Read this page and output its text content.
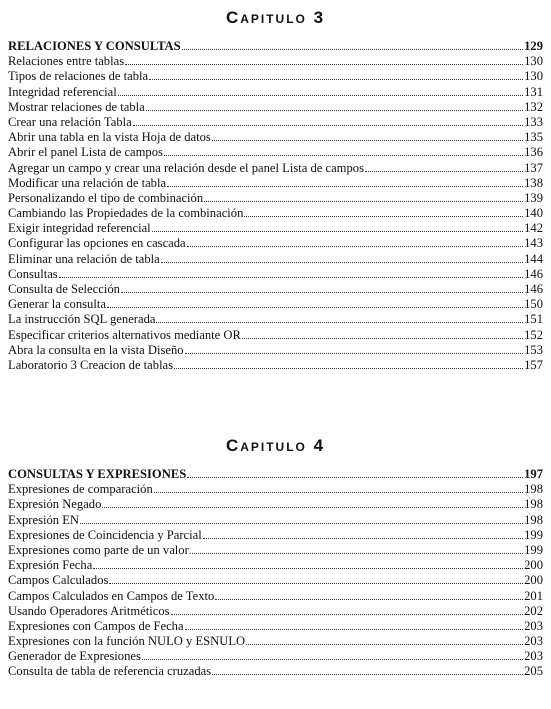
Capitulo 3
RELACIONES Y CONSULTAS	129
Relaciones entre tablas	130
Tipos de relaciones de tabla	130
Integridad referencial	131
Mostrar relaciones de tabla	132
Crear una relación Tabla	133
Abrir una tabla en la vista Hoja de datos	135
Abrir el panel Lista de campos	136
Agregar un campo y crear una relación desde el panel Lista de campos	137
Modificar una relación de tabla	138
Personalizando el tipo de combinación	139
Cambiando las Propiedades de la combinación	140
Exigir integridad referencial	142
Configurar las opciones en cascada	143
Eliminar una relación de tabla	144
Consultas	146
Consulta de Selección	146
Generar la consulta	150
La instrucción SQL generada	151
Especificar criterios alternativos mediante OR	152
Abra la consulta en la vista Diseño	153
Laboratorio 3 Creacion de tablas	157
Capitulo 4
CONSULTAS Y EXPRESIONES	197
Expresiones de comparación	198
Expresión Negado	198
Expresión EN	198
Expresiones de Coincidencia y Parcial	199
Expresiones como parte de un valor	199
Expresión Fecha	200
Campos Calculados	200
Campos Calculados en Campos de Texto	201
Usando Operadores Aritméticos	202
Expresiones con Campos de Fecha	203
Expresiones con la función NULO y ESNULO	203
Generador de Expresiones	203
Consulta de tabla de referencia cruzadas	205
